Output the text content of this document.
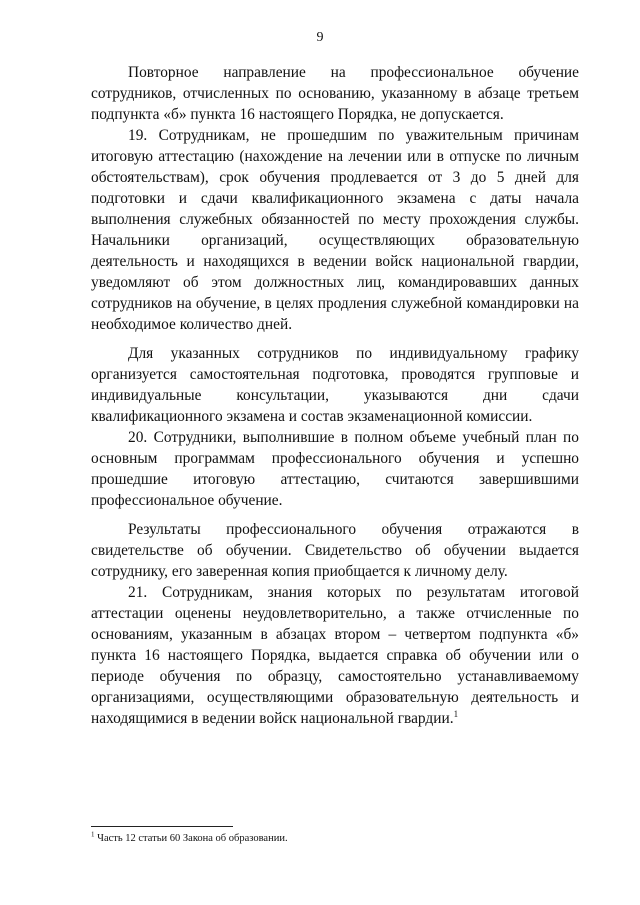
9

Повторное направление на профессиональное обучение сотрудников, отчисленных по основанию, указанному в абзаце третьем подпункта «б» пункта 16 настоящего Порядка, не допускается.

19. Сотрудникам, не прошедшим по уважительным причинам итоговую аттестацию (нахождение на лечении или в отпуске по личным обстоятельствам), срок обучения продлевается от 3 до 5 дней для подготовки и сдачи квалификационного экзамена с даты начала выполнения служебных обязанностей по месту прохождения службы. Начальники организаций, осуществляющих образовательную деятельность и находящихся в ведении войск национальной гвардии, уведомляют об этом должностных лиц, командировавших данных сотрудников на обучение, в целях продления служебной командировки на необходимое количество дней.

Для указанных сотрудников по индивидуальному графику организуется самостоятельная подготовка, проводятся групповые и индивидуальные консультации, указываются дни сдачи квалификационного экзамена и состав экзаменационной комиссии.

20. Сотрудники, выполнившие в полном объеме учебный план по основным программам профессионального обучения и успешно прошедшие итоговую аттестацию, считаются завершившими профессиональное обучение.

Результаты профессионального обучения отражаются в свидетельстве об обучении. Свидетельство об обучении выдается сотруднику, его заверенная копия приобщается к личному делу.

21. Сотрудникам, знания которых по результатам итоговой аттестации оценены неудовлетворительно, а также отчисленные по основаниям, указанным в абзацах втором – четвертом подпункта «б» пункта 16 настоящего Порядка, выдается справка об обучении или о периоде обучения по образцу, самостоятельно устанавливаемому организациями, осуществляющими образовательную деятельность и находящимися в ведении войск национальной гвардии.$^1$

$^1$ Часть 12 статьи 60 Закона об образовании.
